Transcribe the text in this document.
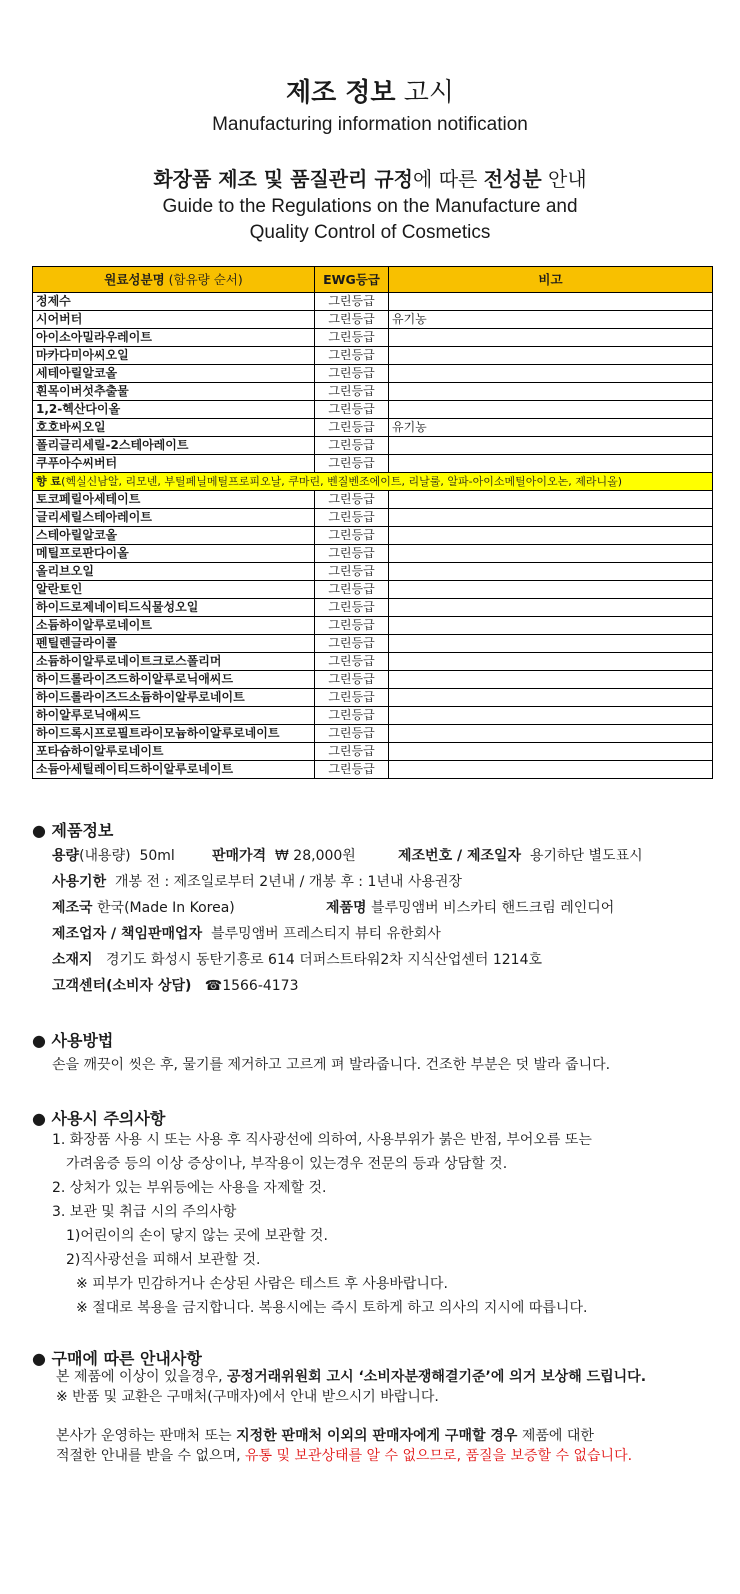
제조 정보 고시
Manufacturing information notification
화장품 제조 및 품질관리 규정에 따른 전성분 안내
Guide to the Regulations on the Manufacture and
Quality Control of Cosmetics
원료성분명 (함유량 순서)	EWG등급	비고
정제수	그린등급	
시어버터	그린등급	유기농
아이소아밀라우레이트	그린등급	
마카다미아씨오일	그린등급	
세테아릴알코올	그린등급	
흰목이버섯추출물	그린등급	
1,2-헥산다이올	그린등급	
호호바씨오일	그린등급	유기농
폴리글리세릴-2스테아레이트	그린등급	
쿠푸아수씨버터	그린등급	
향 료(헥실신남알, 리모넨, 부틸페닐메틸프로피오날, 쿠마린, 벤질벤조에이트, 리날룰, 알파-아이소메틸아이오논, 제라니올)		
토코페릴아세테이트	그린등급	
글리세릴스테아레이트	그린등급	
스테아릴알코올	그린등급	
메틸프로판다이올	그린등급	
올리브오일	그린등급	
알란토인	그린등급	
하이드로제네이티드식물성오일	그린등급	
소듐하이알루로네이트	그린등급	
펜틸렌글라이콜	그린등급	
소듐하이알루로네이트크로스폴리머	그린등급	
하이드롤라이즈드하이알루로닉애씨드	그린등급	
하이드롤라이즈드소듐하이알루로네이트	그린등급	
하이알루로닉애씨드	그린등급	
하이드록시프로필트라이모늄하이알루로네이트	그린등급	
포타슘하이알루로네이트	그린등급	
소듐아세틸레이티드하이알루로네이트	그린등급	
● 제품정보
용량(내용량) 50ml	판매가격 ₩ 28,000원	제조번호 / 제조일자 용기하단 별도표시
사용기한 개봉 전 : 제조일로부터 2년내 / 개봉 후 : 1년내 사용권장
제조국 한국(Made In Korea)	제품명 블루밍앰버 비스카티 핸드크림 레인디어
제조업자 / 책임판매업자 블루밍앰버 프레스티지 뷰티 유한회사
소재지 경기도 화성시 동탄기흥로 614 더퍼스트타워2차 지식산업센터 1214호
고객센터(소비자 상담) ☎1566-4173
● 사용방법
손을 깨끗이 씻은 후, 물기를 제거하고 고르게 펴 발라줍니다. 건조한 부분은 덧 발라 줍니다.
● 사용시 주의사항
1. 화장품 사용 시 또는 사용 후 직사광선에 의하여, 사용부위가 붉은 반점, 부어오름 또는
가려움증 등의 이상 증상이나, 부작용이 있는경우 전문의 등과 상담할 것.
2. 상처가 있는 부위등에는 사용을 자제할 것.
3. 보관 및 취급 시의 주의사항
1)어린이의 손이 닿지 않는 곳에 보관할 것.
2)직사광선을 피해서 보관할 것.
※ 피부가 민감하거나 손상된 사람은 테스트 후 사용바랍니다.
※ 절대로 복용을 금지합니다. 복용시에는 즉시 토하게 하고 의사의 지시에 따릅니다.
● 구매에 따른 안내사항
본 제품에 이상이 있을경우, 공정거래위원회 고시 ‘소비자분쟁해결기준’에 의거 보상해 드립니다.
※ 반품 및 교환은 구매처(구매자)에서 안내 받으시기 바랍니다.
본사가 운영하는 판매처 또는 지정한 판매처 이외의 판매자에게 구매할 경우 제품에 대한
적절한 안내를 받을 수 없으며, 유통 및 보관상태를 알 수 없으므로, 품질을 보증할 수 없습니다.
